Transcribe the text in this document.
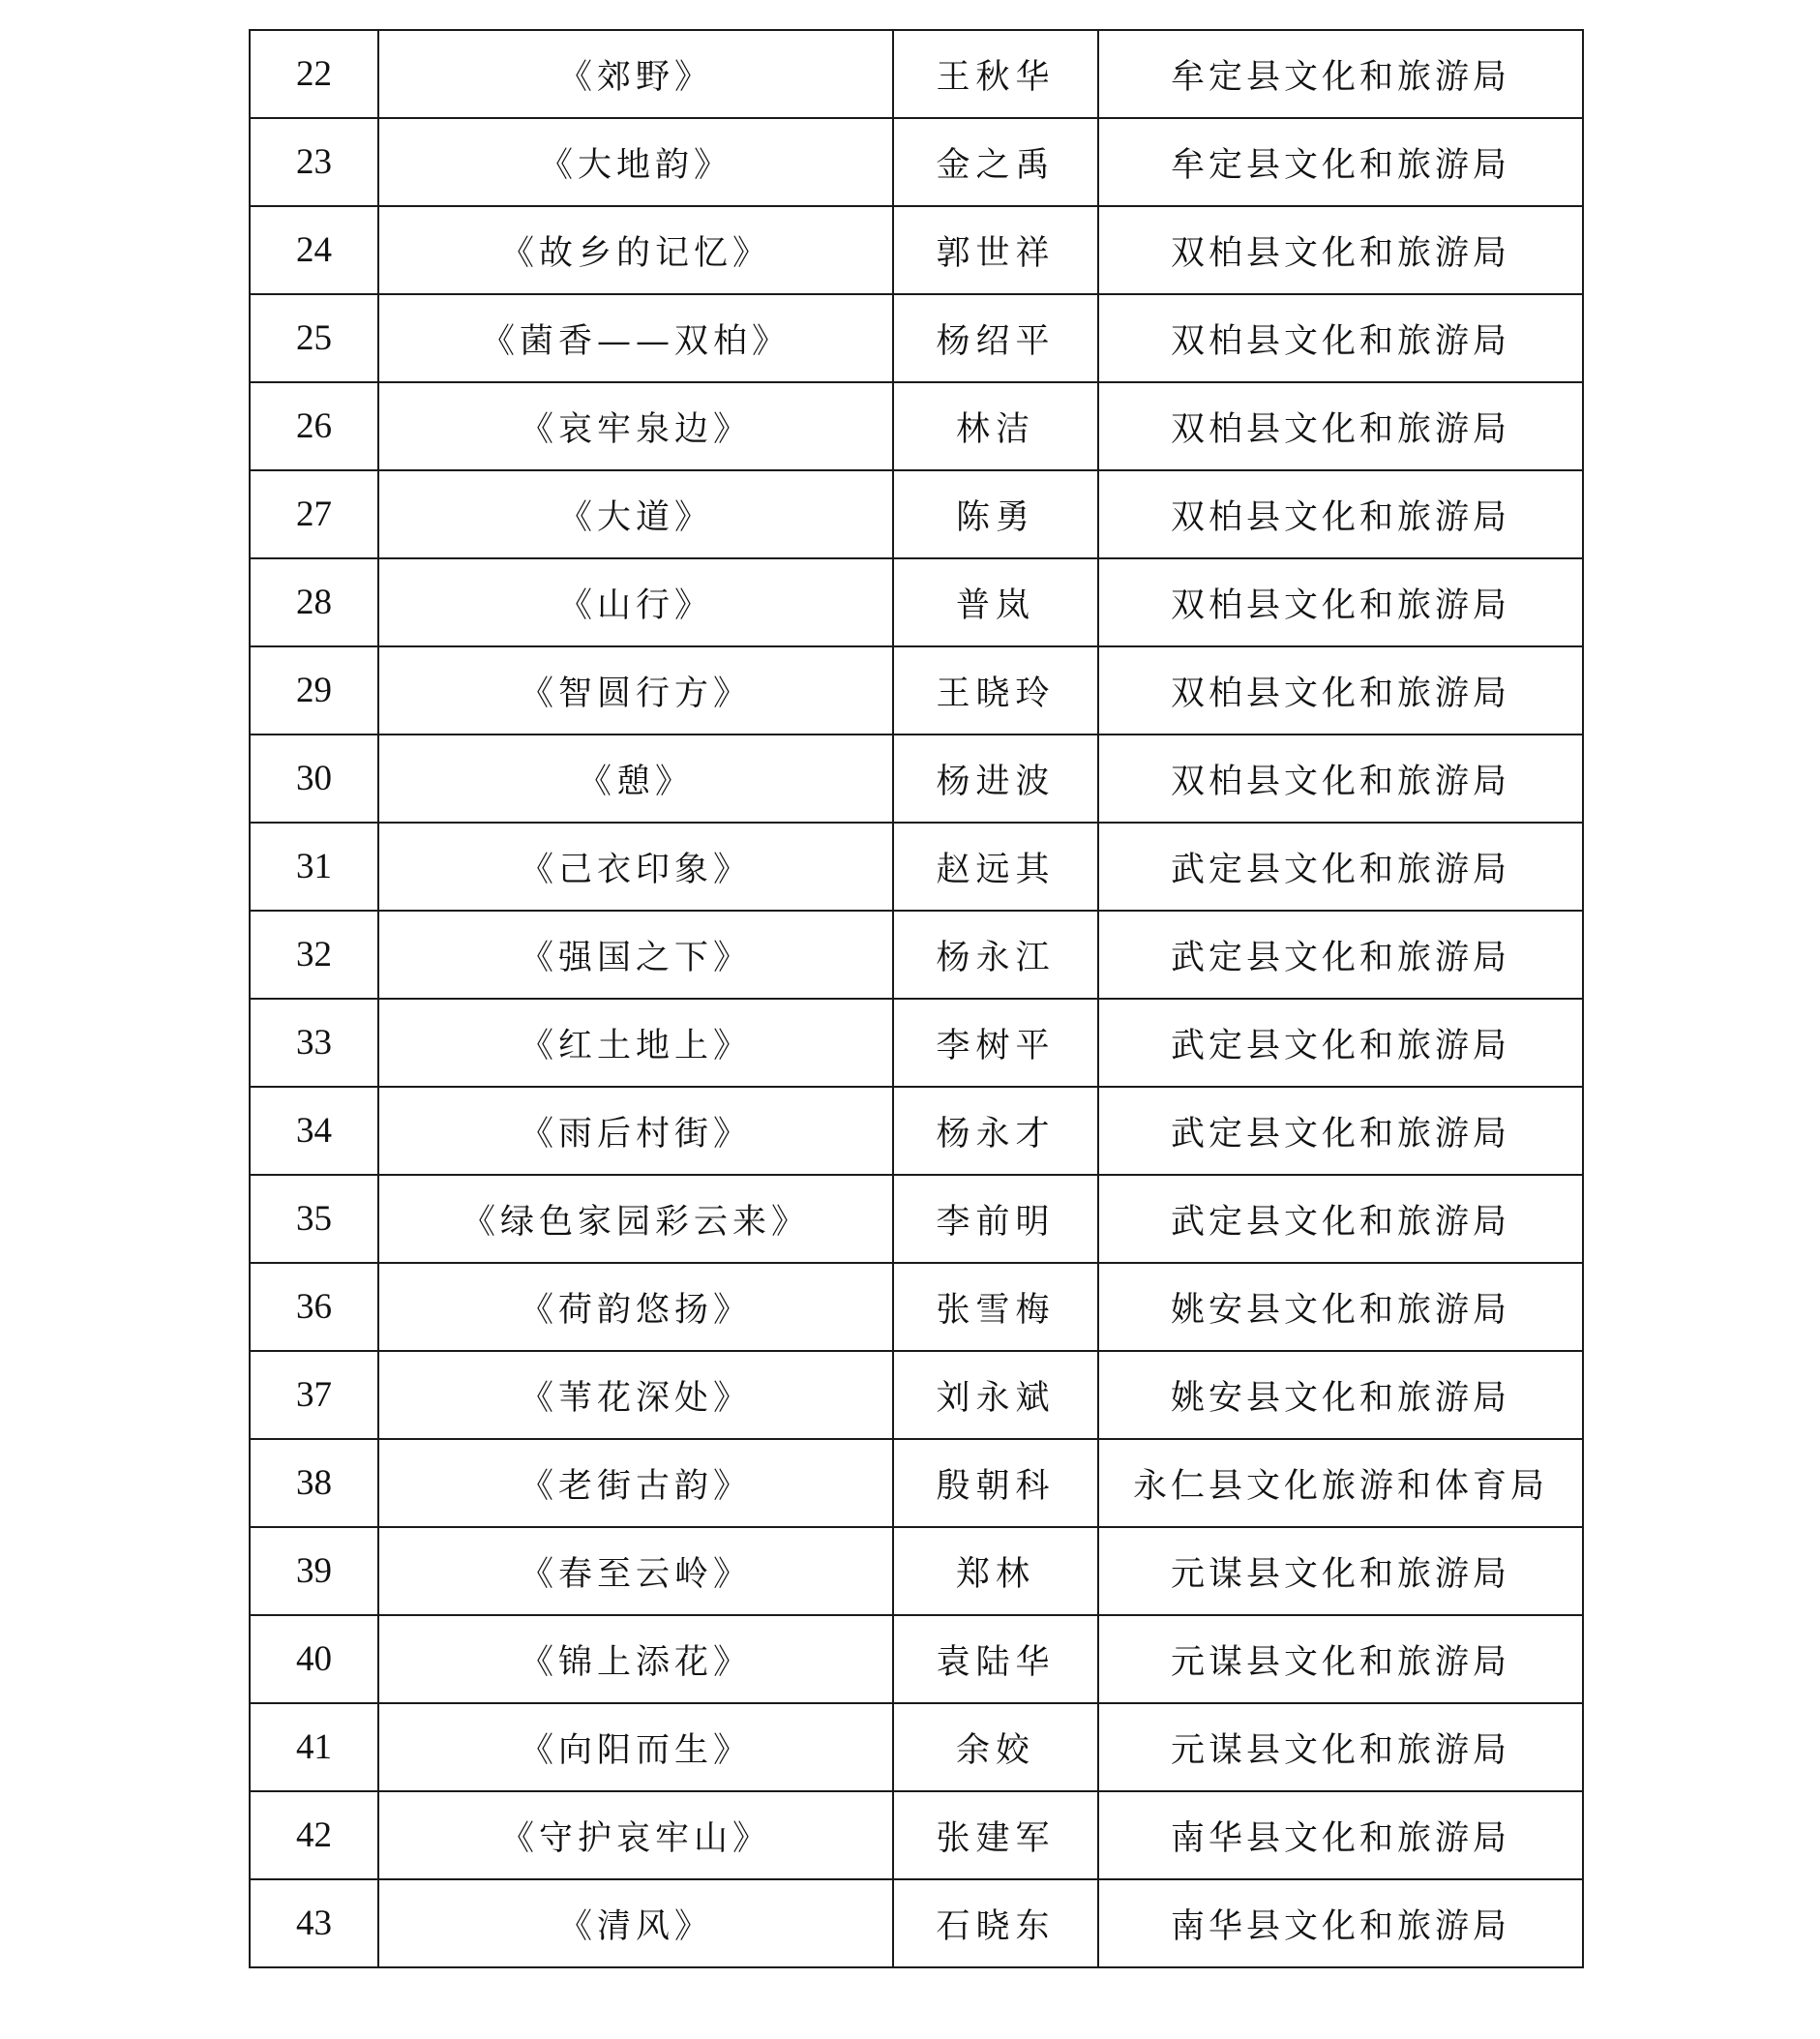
22	《郊野》	王秋华	牟定县文化和旅游局
23	《大地韵》	金之禹	牟定县文化和旅游局
24	《故乡的记忆》	郭世祥	双柏县文化和旅游局
25	《菌香——双柏》	杨绍平	双柏县文化和旅游局
26	《哀牢泉边》	林洁	双柏县文化和旅游局
27	《大道》	陈勇	双柏县文化和旅游局
28	《山行》	普岚	双柏县文化和旅游局
29	《智圆行方》	王晓玲	双柏县文化和旅游局
30	《憩》	杨进波	双柏县文化和旅游局
31	《己衣印象》	赵远其	武定县文化和旅游局
32	《强国之下》	杨永江	武定县文化和旅游局
33	《红土地上》	李树平	武定县文化和旅游局
34	《雨后村街》	杨永才	武定县文化和旅游局
35	《绿色家园彩云来》	李前明	武定县文化和旅游局
36	《荷韵悠扬》	张雪梅	姚安县文化和旅游局
37	《苇花深处》	刘永斌	姚安县文化和旅游局
38	《老街古韵》	殷朝科	永仁县文化旅游和体育局
39	《春至云岭》	郑林	元谋县文化和旅游局
40	《锦上添花》	袁陆华	元谋县文化和旅游局
41	《向阳而生》	余姣	元谋县文化和旅游局
42	《守护哀牢山》	张建军	南华县文化和旅游局
43	《清风》	石晓东	南华县文化和旅游局
